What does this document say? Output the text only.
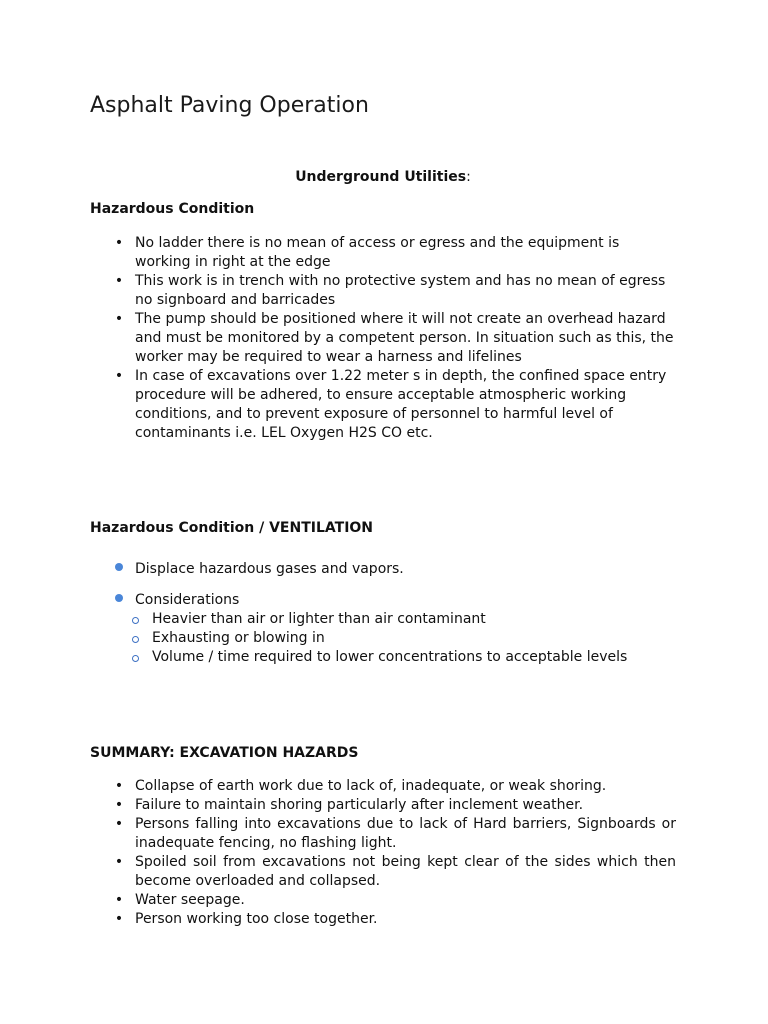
Asphalt Paving Operation
Underground Utilities:
Hazardous Condition
• No ladder there is no mean of access or egress and the equipment is working in right at the edge
• This work is in trench with no protective system and has no mean of egress no signboard and barricades
• The pump should be positioned where it will not create an overhead hazard and must be monitored by a competent person. In situation such as this, the worker may be required to wear a harness and lifelines
• In case of excavations over 1.22 meter s in depth, the confined space entry procedure will be adhered, to ensure acceptable atmospheric working conditions, and to prevent exposure of personnel to harmful level of contaminants i.e. LEL Oxygen H2S CO etc.
Hazardous Condition / VENTILATION
Displace hazardous gases and vapors.
Considerations
Heavier than air or lighter than air contaminant
Exhausting or blowing in
Volume / time required to lower concentrations to acceptable levels
SUMMARY: EXCAVATION HAZARDS
• Collapse of earth work due to lack of, inadequate, or weak shoring.
• Failure to maintain shoring particularly after inclement weather.
• Persons falling into excavations due to lack of Hard barriers, Signboards or inadequate fencing, no flashing light.
• Spoiled soil from excavations not being kept clear of the sides which then become overloaded and collapsed.
• Water seepage.
• Person working too close together.
